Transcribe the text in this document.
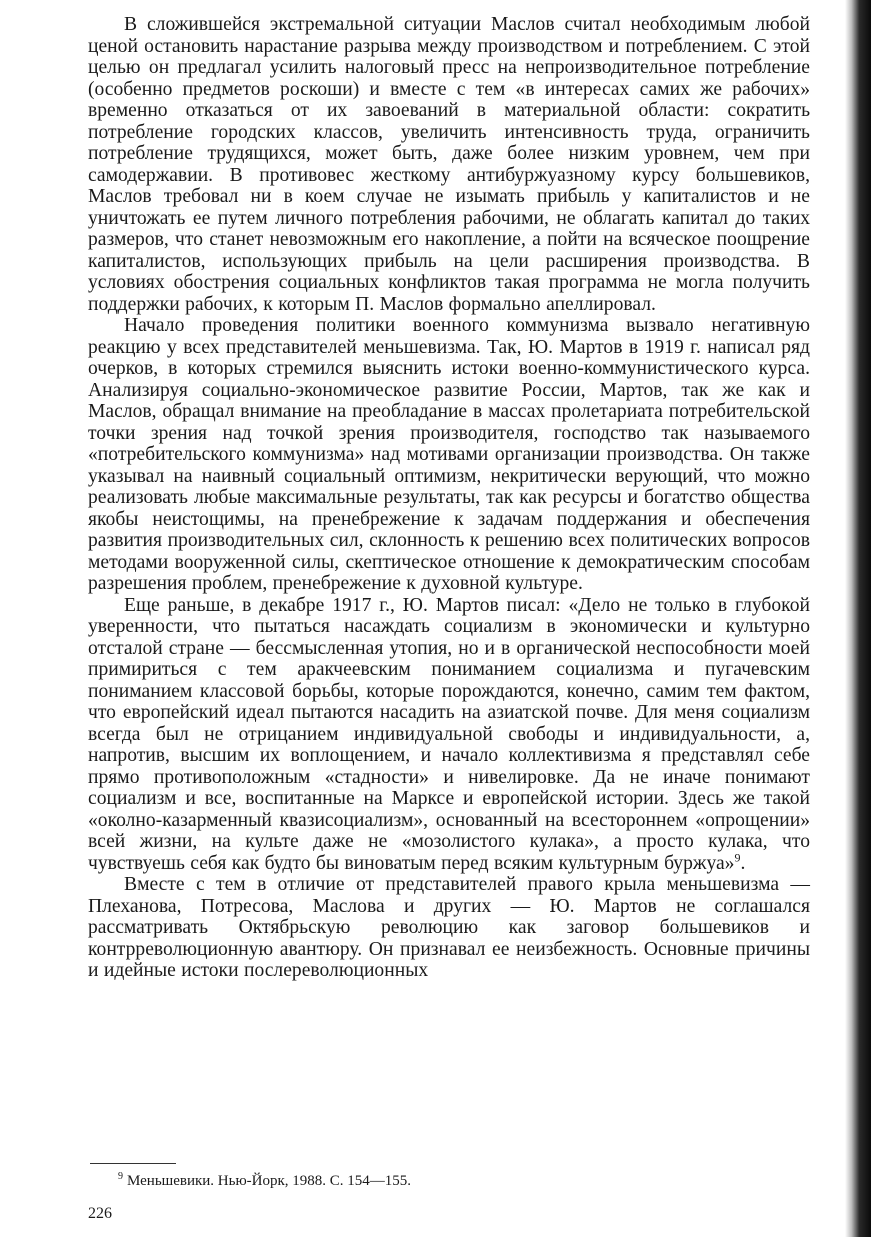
В сложившейся экстремальной ситуации Маслов считал необходимым любой ценой остановить нарастание разрыва между производством и потреблением. С этой целью он предлагал усилить налоговый пресс на непроизводительное потребление (особенно предметов роскоши) и вместе с тем «в интересах самих же рабочих» временно отказаться от их завоеваний в материальной области: сократить потребление городских классов, увеличить интенсивность труда, ограничить потребление трудящихся, может быть, даже более низким уровнем, чем при самодержавии. В противовес жесткому антибуржуазному курсу большевиков, Маслов требовал ни в коем случае не изымать прибыль у капиталистов и не уничтожать ее путем личного потребления рабочими, не облагать капитал до таких размеров, что станет невозможным его накопление, а пойти на всяческое поощрение капиталистов, использующих прибыль на цели расширения производства. В условиях обострения социальных конфликтов такая программа не могла получить поддержки рабочих, к которым П. Маслов формально апеллировал.

Начало проведения политики военного коммунизма вызвало негативную реакцию у всех представителей меньшевизма. Так, Ю. Мартов в 1919 г. написал ряд очерков, в которых стремился выяснить истоки военно-коммунистического курса. Анализируя социально-экономическое развитие России, Мартов, так же как и Маслов, обращал внимание на преобладание в массах пролетариата потребительской точки зрения над точкой зрения производителя, господство так называемого «потребительского коммунизма» над мотивами организации производства. Он также указывал на наивный социальный оптимизм, некритически верующий, что можно реализовать любые максимальные результаты, так как ресурсы и богатство общества якобы неистощимы, на пренебрежение к задачам поддержания и обеспечения развития производительных сил, склонность к решению всех политических вопросов методами вооруженной силы, скептическое отношение к демократическим способам разрешения проблем, пренебрежение к духовной культуре.

Еще раньше, в декабре 1917 г., Ю. Мартов писал: «Дело не только в глубокой уверенности, что пытаться насаждать социализм в экономически и культурно отсталой стране — бессмысленная утопия, но и в органической неспособности моей примириться с тем аракчеевским пониманием социализма и пугачевским пониманием классовой борьбы, которые порождаются, конечно, самим тем фактом, что европейский идеал пытаются насадить на азиатской почве. Для меня социализм всегда был не отрицанием индивидуальной свободы и индивидуальности, а, напротив, высшим их воплощением, и начало коллективизма я представлял себе прямо противоположным «стадности» и нивелировке. Да не иначе понимают социализм и все, воспитанные на Марксе и европейской истории. Здесь же такой «околно-казарменный квазисоциализм», основанный на всестороннем «опрощении» всей жизни, на культе даже не «мозолистого кулака», а просто кулака, что чувствуешь себя как будто бы виноватым перед всяким культурным буржуа»$^9$.

Вместе с тем в отличие от представителей правого крыла меньшевизма — Плеханова, Потресова, Маслова и других — Ю. Мартов не соглашался рассматривать Октябрьскую революцию как заговор большевиков и контрреволюционную авантюру. Он признавал ее неизбежность. Основные причины и идейные истоки послереволюционных

$^9$ Меньшевики. Нью-Йорк, 1988. С. 154—155.
226
